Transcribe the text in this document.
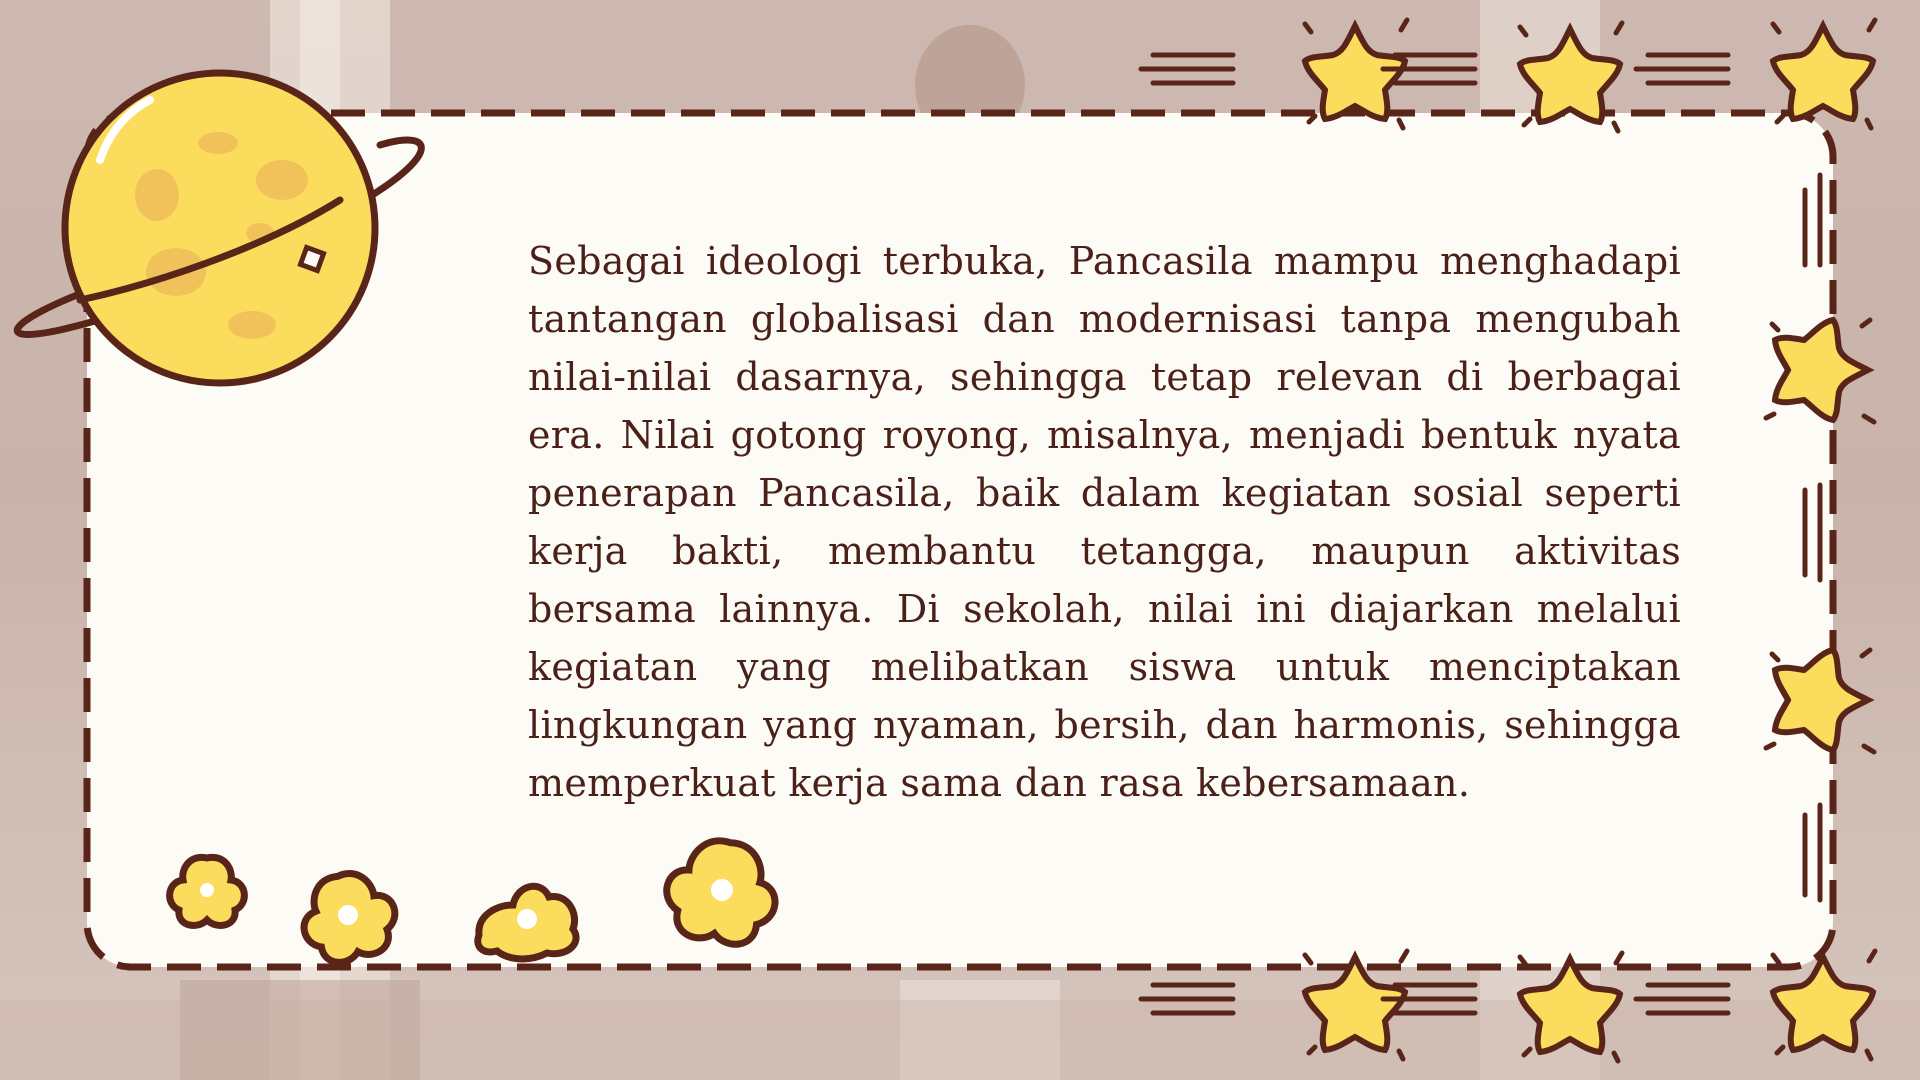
Sebagai ideologi terbuka, Pancasila mampu menghadapi tantangan globalisasi dan modernisasi tanpa mengubah nilai-nilai dasarnya, sehingga tetap relevan di berbagai era. Nilai gotong royong, misalnya, menjadi bentuk nyata penerapan Pancasila, baik dalam kegiatan sosial seperti kerja bakti, membantu tetangga, maupun aktivitas bersama lainnya. Di sekolah, nilai ini diajarkan melalui kegiatan yang melibatkan siswa untuk menciptakan lingkungan yang nyaman, bersih, dan harmonis, sehingga memperkuat kerja sama dan rasa kebersamaan.
